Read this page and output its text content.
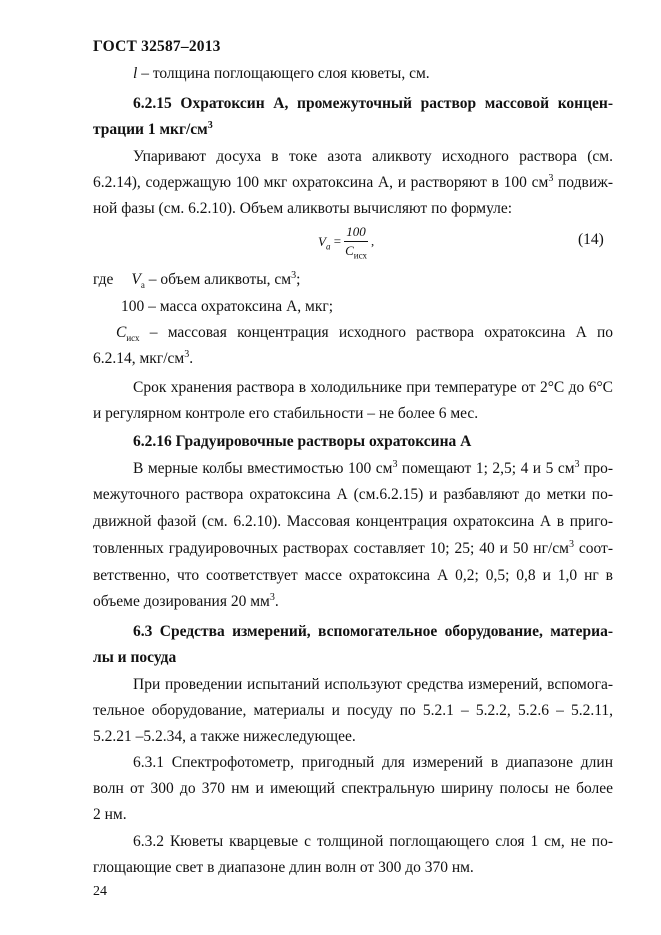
ГОСТ 32587–2013
l – толщина поглощающего слоя кюветы, см.
6.2.15 Охратоксин А, промежуточный раствор массовой концен-
трации 1 мкг/$см^3$
Упаривают досуха в токе азота аликвоту исходного раствора (см.
6.2.14), содержащую 100 мкг охратоксина А, и растворяют в 100 $см^3$ подвиж-
ной фазы (см. 6.2.10). Объем аликвоты вычисляют по формуле:
$V_a = \frac{100}{C_{исх}}$ ,	(14)
где $V_а$ – объем аликвоты, $см^3$;
100 – масса охратоксина А, мкг;
$C_{исх}$ – массовая концентрация исходного раствора охратоксина А по
6.2.14, мкг/$см^3$.
Срок хранения раствора в холодильнике при температуре от 2°С до 6°С
и регулярном контроле его стабильности – не более 6 мес.
6.2.16 Градуировочные растворы охратоксина А
В мерные колбы вместимостью 100 $см^3$ помещают 1; 2,5; 4 и 5 $см^3$ про-
межуточного раствора охратоксина А (см.6.2.15) и разбавляют до метки по-
движной фазой (см. 6.2.10). Массовая концентрация охратоксина А в приго-
товленных градуировочных растворах составляет 10; 25; 40 и 50 $нг/см^3$ соот-
ветственно, что соответствует массе охратоксина А 0,2; 0,5; 0,8 и 1,0 нг в
объеме дозирования 20 $мм^3$.
6.3 Средства измерений, вспомогательное оборудование, материа-
лы и посуда
При проведении испытаний используют средства измерений, вспомога-
тельное оборудование, материалы и посуду по 5.2.1 – 5.2.2, 5.2.6 – 5.2.11,
5.2.21 –5.2.34, а также нижеследующее.
6.3.1 Спектрофотометр, пригодный для измерений в диапазоне длин
волн от 300 до 370 нм и имеющий спектральную ширину полосы не более
2 нм.
6.3.2 Кюветы кварцевые с толщиной поглощающего слоя 1 см, не по-
глощающие свет в диапазоне длин волн от 300 до 370 нм.
24
